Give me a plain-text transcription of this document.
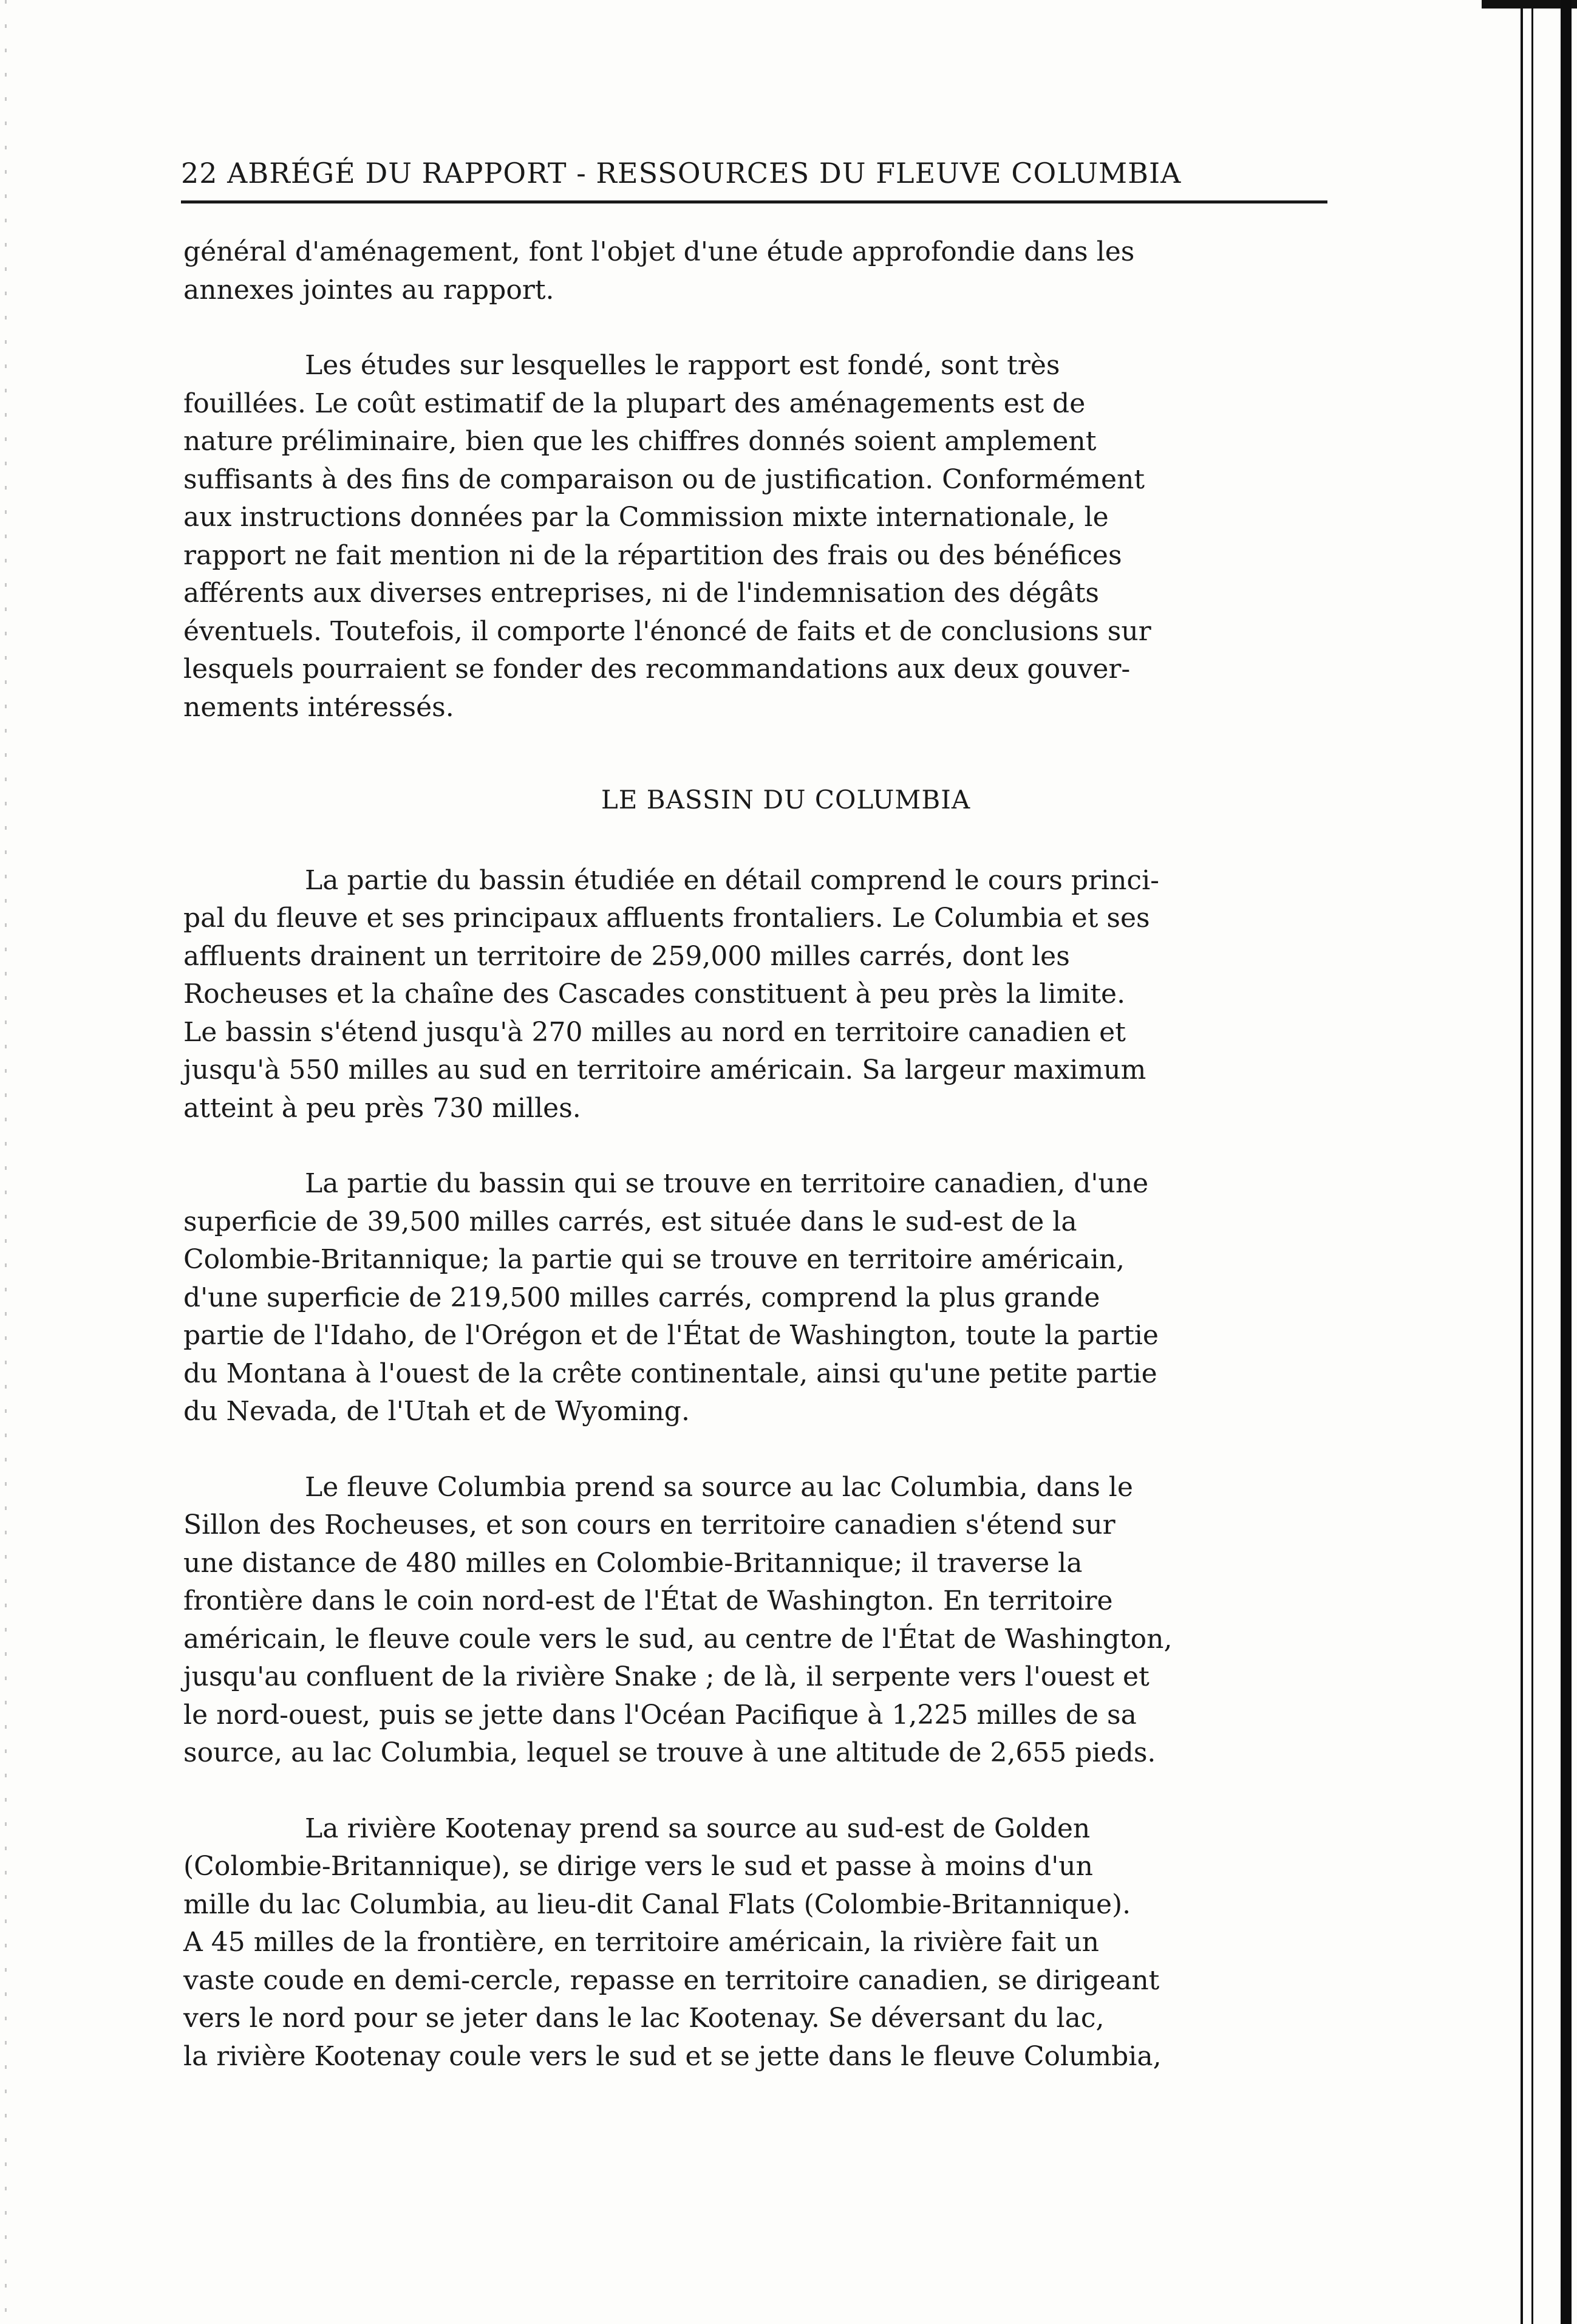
22 ABRÉGÉ DU RAPPORT - RESSOURCES DU FLEUVE COLUMBIA
général d'aménagement, font l'objet d'une étude approfondie dans les
annexes jointes au rapport.
Les études sur lesquelles le rapport est fondé, sont très
fouillées. Le coût estimatif de la plupart des aménagements est de
nature préliminaire, bien que les chiffres donnés soient amplement
suffisants à des fins de comparaison ou de justification. Conformément
aux instructions données par la Commission mixte internationale, le
rapport ne fait mention ni de la répartition des frais ou des bénéfices
afférents aux diverses entreprises, ni de l'indemnisation des dégâts
éventuels. Toutefois, il comporte l'énoncé de faits et de conclusions sur
lesquels pourraient se fonder des recommandations aux deux gouver-
nements intéressés.
LE BASSIN DU COLUMBIA
La partie du bassin étudiée en détail comprend le cours princi-
pal du fleuve et ses principaux affluents frontaliers. Le Columbia et ses
affluents drainent un territoire de 259,000 milles carrés, dont les
Rocheuses et la chaîne des Cascades constituent à peu près la limite.
Le bassin s'étend jusqu'à 270 milles au nord en territoire canadien et
jusqu'à 550 milles au sud en territoire américain. Sa largeur maximum
atteint à peu près 730 milles.
La partie du bassin qui se trouve en territoire canadien, d'une
superficie de 39,500 milles carrés, est située dans le sud-est de la
Colombie-Britannique; la partie qui se trouve en territoire américain,
d'une superficie de 219,500 milles carrés, comprend la plus grande
partie de l'Idaho, de l'Orégon et de l'État de Washington, toute la partie
du Montana à l'ouest de la crête continentale, ainsi qu'une petite partie
du Nevada, de l'Utah et de Wyoming.
Le fleuve Columbia prend sa source au lac Columbia, dans le
Sillon des Rocheuses, et son cours en territoire canadien s'étend sur
une distance de 480 milles en Colombie-Britannique; il traverse la
frontière dans le coin nord-est de l'État de Washington. En territoire
américain, le fleuve coule vers le sud, au centre de l'État de Washington,
jusqu'au confluent de la rivière Snake ; de là, il serpente vers l'ouest et
le nord-ouest, puis se jette dans l'Océan Pacifique à 1,225 milles de sa
source, au lac Columbia, lequel se trouve à une altitude de 2,655 pieds.
La rivière Kootenay prend sa source au sud-est de Golden
(Colombie-Britannique), se dirige vers le sud et passe à moins d'un
mille du lac Columbia, au lieu-dit Canal Flats (Colombie-Britannique).
A 45 milles de la frontière, en territoire américain, la rivière fait un
vaste coude en demi-cercle, repasse en territoire canadien, se dirigeant
vers le nord pour se jeter dans le lac Kootenay. Se déversant du lac,
la rivière Kootenay coule vers le sud et se jette dans le fleuve Columbia,
